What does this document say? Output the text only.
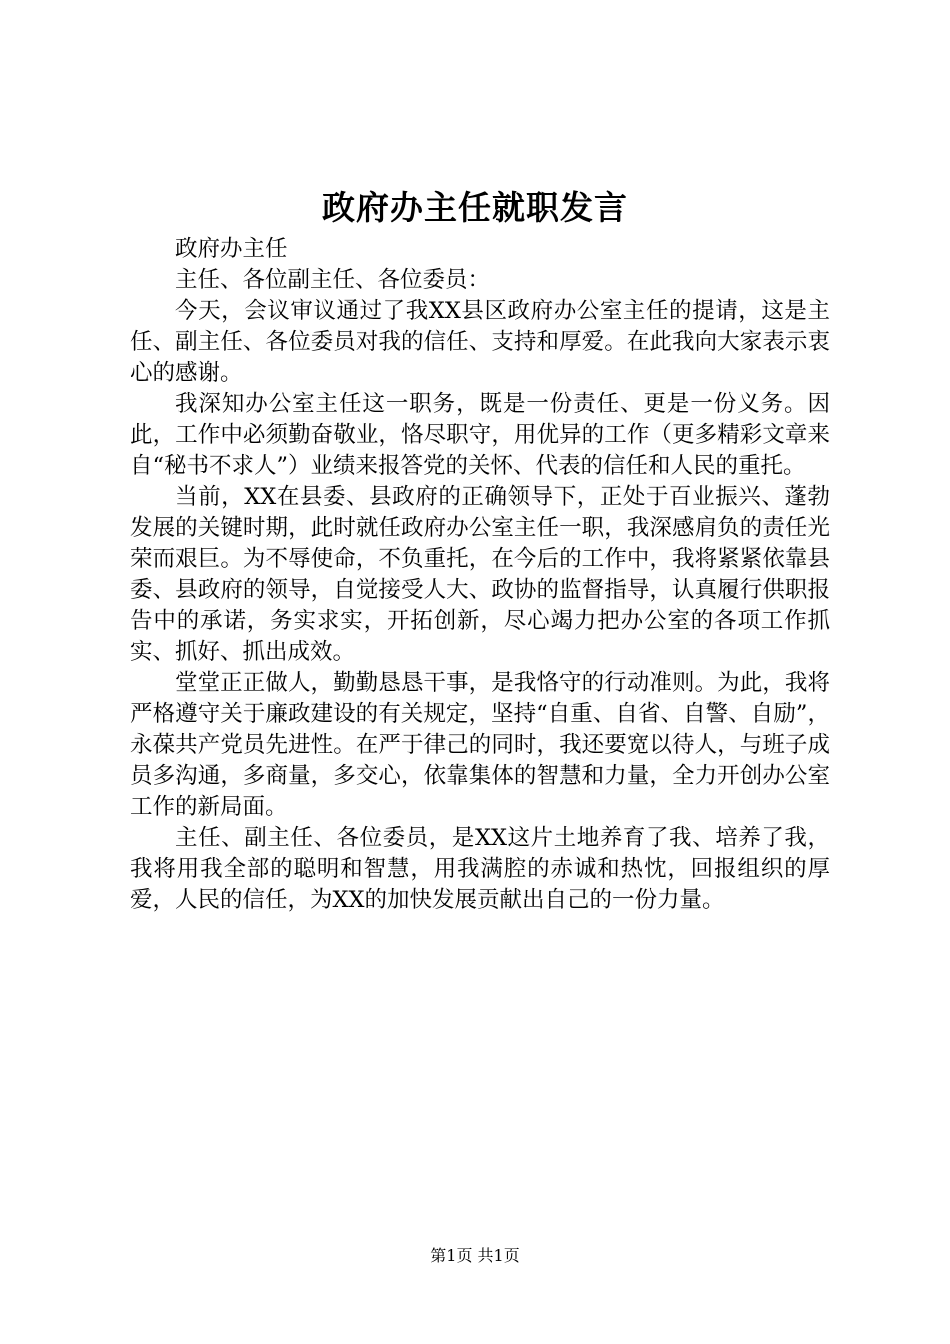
政府办主任就职发言

政府办主任

主任、各位副主任、各位委员：

今天，会议审议通过了我XX县区政府办公室主任的提请，这是主任、副主任、各位委员对我的信任、支持和厚爱。在此我向大家表示衷心的感谢。

我深知办公室主任这一职务，既是一份责任、更是一份义务。因此，工作中必须勤奋敬业，恪尽职守，用优异的工作（更多精彩文章来自“秘书不求人”）业绩来报答党的关怀、代表的信任和人民的重托。

当前，XX在县委、县政府的正确领导下，正处于百业振兴、蓬勃发展的关键时期，此时就任政府办公室主任一职，我深感肩负的责任光荣而艰巨。为不辱使命，不负重托，在今后的工作中，我将紧紧依靠县委、县政府的领导，自觉接受人大、政协的监督指导，认真履行供职报告中的承诺，务实求实，开拓创新，尽心竭力把办公室的各项工作抓实、抓好、抓出成效。

堂堂正正做人，勤勤恳恳干事，是我恪守的行动准则。为此，我将严格遵守关于廉政建设的有关规定，坚持“自重、自省、自警、自励”，永葆共产党员先进性。在严于律己的同时，我还要宽以待人，与班子成员多沟通，多商量，多交心，依靠集体的智慧和力量，全力开创办公室工作的新局面。

主任、副主任、各位委员，是XX这片土地养育了我、培养了我，我将用我全部的聪明和智慧，用我满腔的赤诚和热忱，回报组织的厚爱，人民的信任，为XX的加快发展贡献出自己的一份力量。

第1页 共1页
